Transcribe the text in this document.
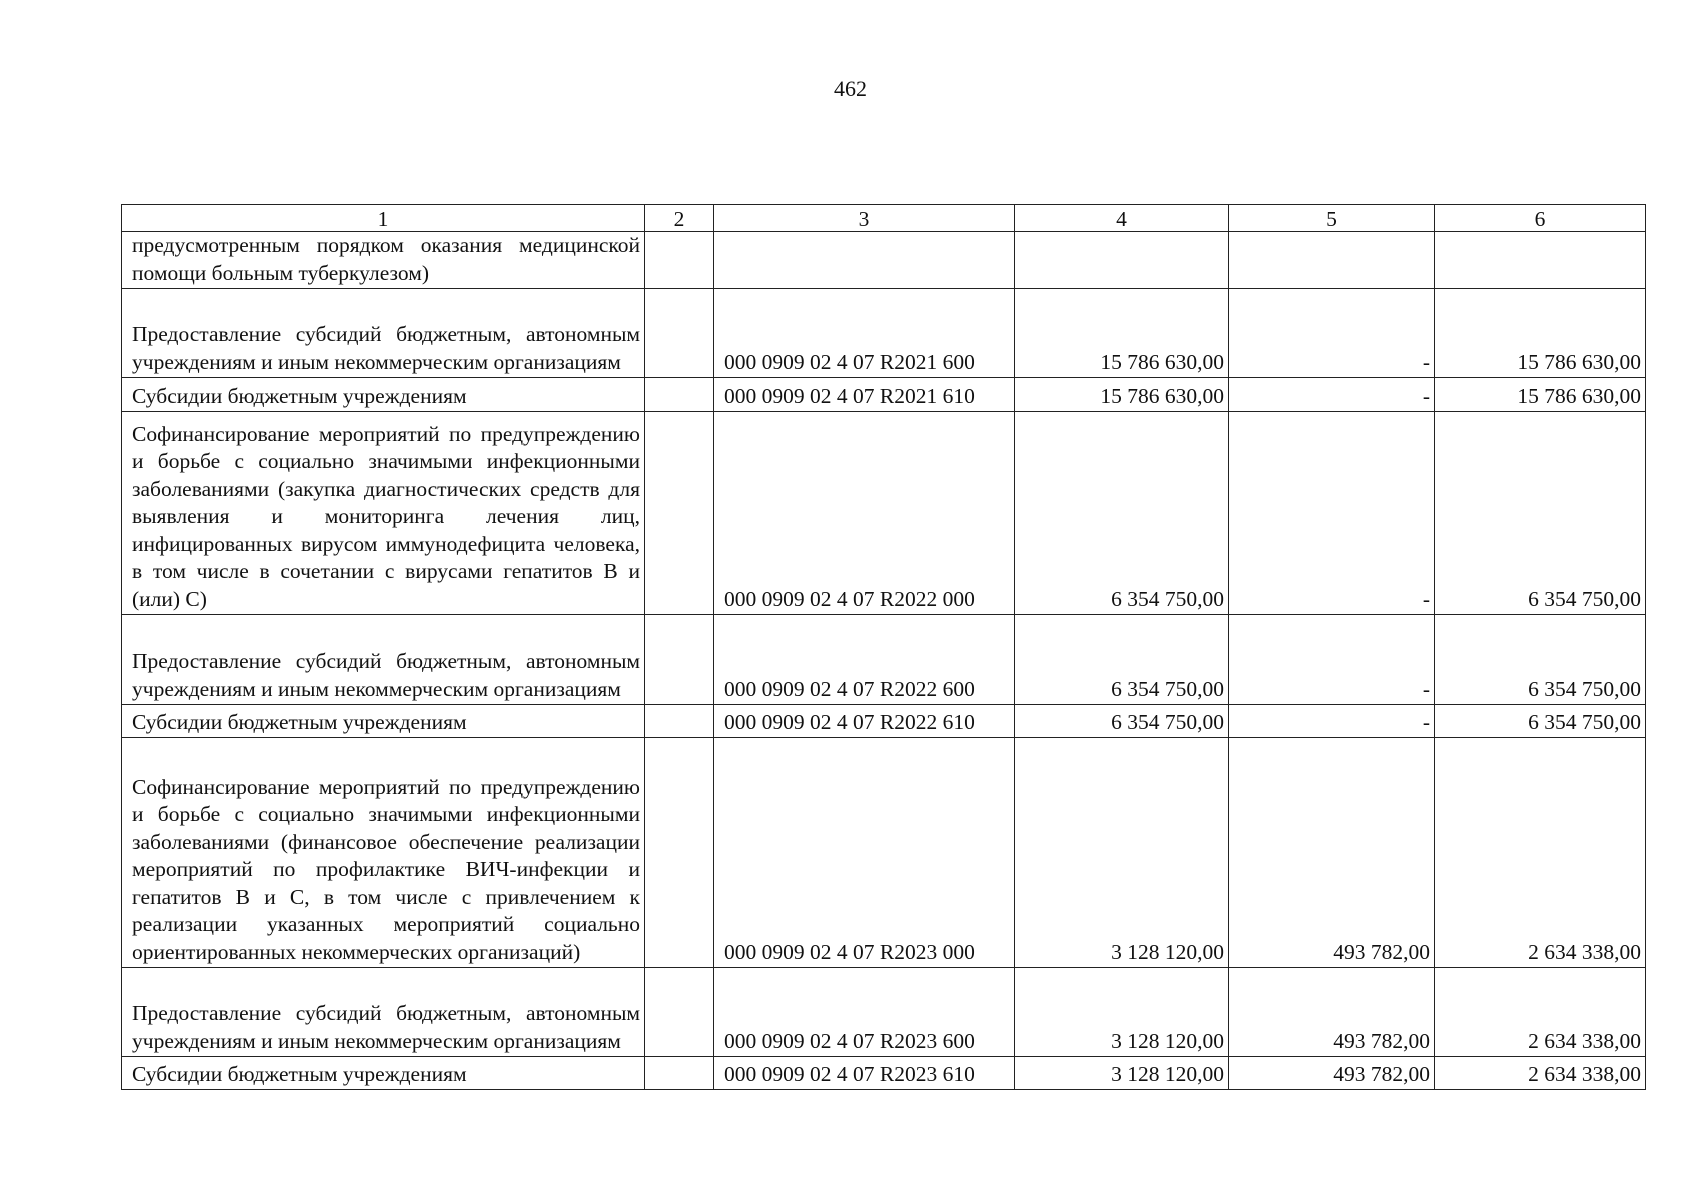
462
1	2	3	4	5	6
предусмотренным порядком оказания медицинской помощи больным туберкулезом)					
Предоставление субсидий бюджетным, автономным учреждениям и иным некоммерческим организациям		000 0909 02 4 07 R2021 600	15 786 630,00	-	15 786 630,00
Субсидии бюджетным учреждениям		000 0909 02 4 07 R2021 610	15 786 630,00	-	15 786 630,00
Софинансирование мероприятий по предупреждению и борьбе с социально значимыми инфекционными заболеваниями (закупка диагностических средств для выявления и мониторинга лечения лиц, инфицированных вирусом иммунодефицита человека, в том числе в сочетании с вирусами гепатитов В и (или) С)		000 0909 02 4 07 R2022 000	6 354 750,00	-	6 354 750,00
Предоставление субсидий бюджетным, автономным учреждениям и иным некоммерческим организациям		000 0909 02 4 07 R2022 600	6 354 750,00	-	6 354 750,00
Субсидии бюджетным учреждениям		000 0909 02 4 07 R2022 610	6 354 750,00	-	6 354 750,00
Софинансирование мероприятий по предупреждению и борьбе с социально значимыми инфекционными заболеваниями (финансовое обеспечение реализации мероприятий по профилактике ВИЧ-инфекции и гепатитов В и С, в том числе с привлечением к реализации указанных мероприятий социально ориентированных некоммерческих организаций)		000 0909 02 4 07 R2023 000	3 128 120,00	493 782,00	2 634 338,00
Предоставление субсидий бюджетным, автономным учреждениям и иным некоммерческим организациям		000 0909 02 4 07 R2023 600	3 128 120,00	493 782,00	2 634 338,00
Субсидии бюджетным учреждениям		000 0909 02 4 07 R2023 610	3 128 120,00	493 782,00	2 634 338,00
